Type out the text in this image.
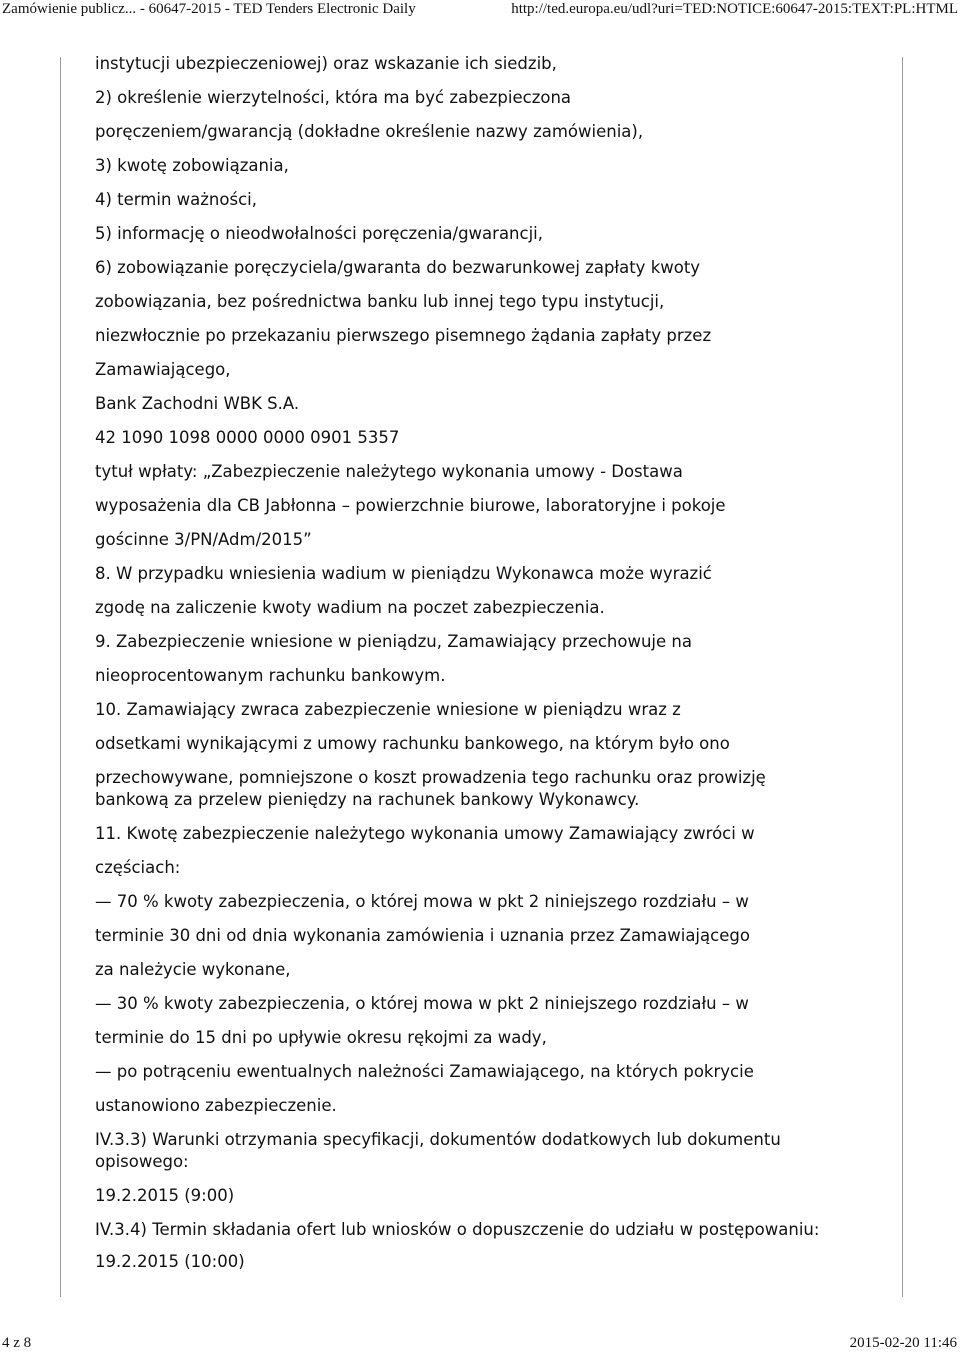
Zamówienie publicz... - 60647-2015 - TED Tenders Electronic Daily	http://ted.europa.eu/udl?uri=TED:NOTICE:60647-2015:TEXT:PL:HTML
instytucji ubezpieczeniowej) oraz wskazanie ich siedzib,
2) określenie wierzytelności, która ma być zabezpieczona
poręczeniem/gwarancją (dokładne określenie nazwy zamówienia),
3) kwotę zobowiązania,
4) termin ważności,
5) informację o nieodwołalności poręczenia/gwarancji,
6) zobowiązanie poręczyciela/gwaranta do bezwarunkowej zapłaty kwoty
zobowiązania, bez pośrednictwa banku lub innej tego typu instytucji,
niezwłocznie po przekazaniu pierwszego pisemnego żądania zapłaty przez
Zamawiającego,
Bank Zachodni WBK S.A.
42 1090 1098 0000 0000 0901 5357
tytuł wpłaty: „Zabezpieczenie należytego wykonania umowy - Dostawa
wyposażenia dla CB Jabłonna – powierzchnie biurowe, laboratoryjne i pokoje
gościnne 3/PN/Adm/2015”
8. W przypadku wniesienia wadium w pieniądzu Wykonawca może wyrazić
zgodę na zaliczenie kwoty wadium na poczet zabezpieczenia.
9. Zabezpieczenie wniesione w pieniądzu, Zamawiający przechowuje na
nieoprocentowanym rachunku bankowym.
10. Zamawiający zwraca zabezpieczenie wniesione w pieniądzu wraz z
odsetkami wynikającymi z umowy rachunku bankowego, na którym było ono
przechowywane, pomniejszone o koszt prowadzenia tego rachunku oraz prowizję
bankową za przelew pieniędzy na rachunek bankowy Wykonawcy.
11. Kwotę zabezpieczenie należytego wykonania umowy Zamawiający zwróci w
częściach:
— 70 % kwoty zabezpieczenia, o której mowa w pkt 2 niniejszego rozdziału – w
terminie 30 dni od dnia wykonania zamówienia i uznania przez Zamawiającego
za należycie wykonane,
— 30 % kwoty zabezpieczenia, o której mowa w pkt 2 niniejszego rozdziału – w
terminie do 15 dni po upływie okresu rękojmi za wady,
— po potrąceniu ewentualnych należności Zamawiającego, na których pokrycie
ustanowiono zabezpieczenie.
IV.3.3) Warunki otrzymania specyfikacji, dokumentów dodatkowych lub dokumentu
opisowego:
19.2.2015 (9:00)
IV.3.4) Termin składania ofert lub wniosków o dopuszczenie do udziału w postępowaniu:
19.2.2015 (10:00)
4 z 8	2015-02-20 11:46
